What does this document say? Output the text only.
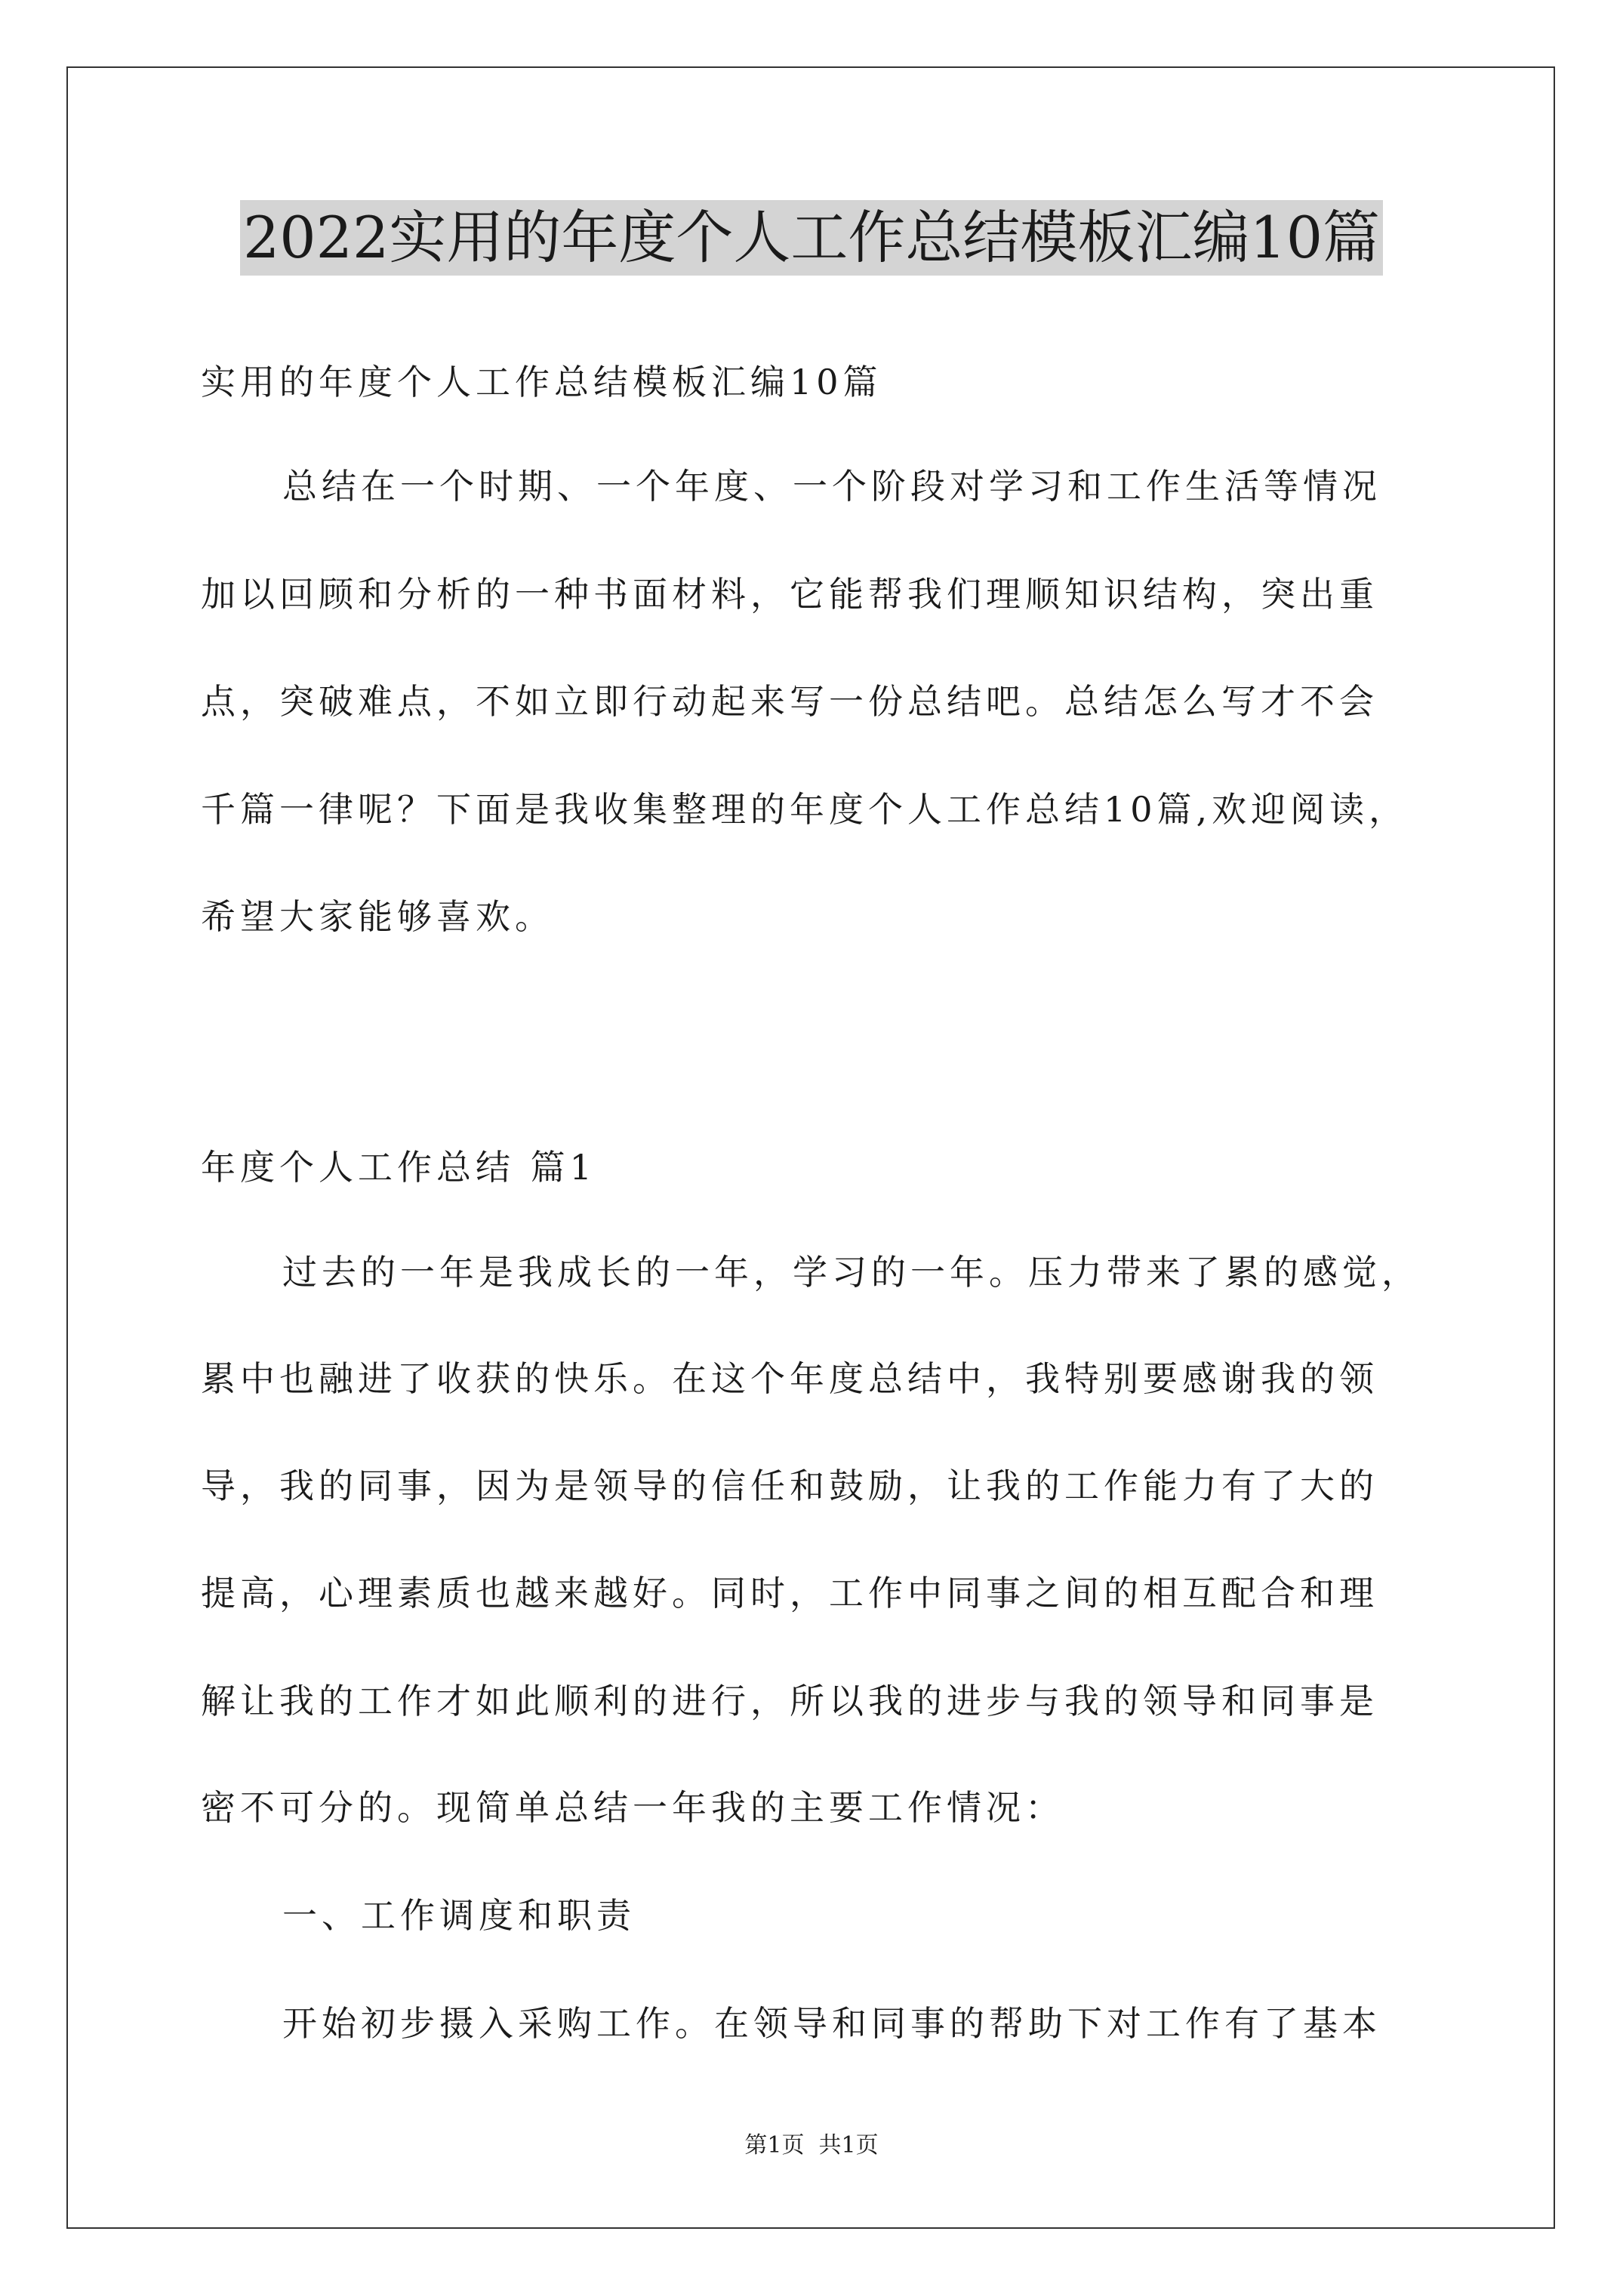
2022实用的年度个人工作总结模板汇编10篇
实用的年度个人工作总结模板汇编10篇
总结在一个时期、一个年度、一个阶段对学习和工作生活等情况
加以回顾和分析的一种书面材料，它能帮我们理顺知识结构，突出重
点，突破难点，不如立即行动起来写一份总结吧。总结怎么写才不会
千篇一律呢？下面是我收集整理的年度个人工作总结10篇,欢迎阅读，
希望大家能够喜欢。
年度个人工作总结 篇1
过去的一年是我成长的一年，学习的一年。压力带来了累的感觉，
累中也融进了收获的快乐。在这个年度总结中，我特别要感谢我的领
导，我的同事，因为是领导的信任和鼓励，让我的工作能力有了大的
提高，心理素质也越来越好。同时，工作中同事之间的相互配合和理
解让我的工作才如此顺利的进行，所以我的进步与我的领导和同事是
密不可分的。现简单总结一年我的主要工作情况：
一、工作调度和职责
开始初步摄入采购工作。在领导和同事的帮助下对工作有了基本
第1页  共1页
